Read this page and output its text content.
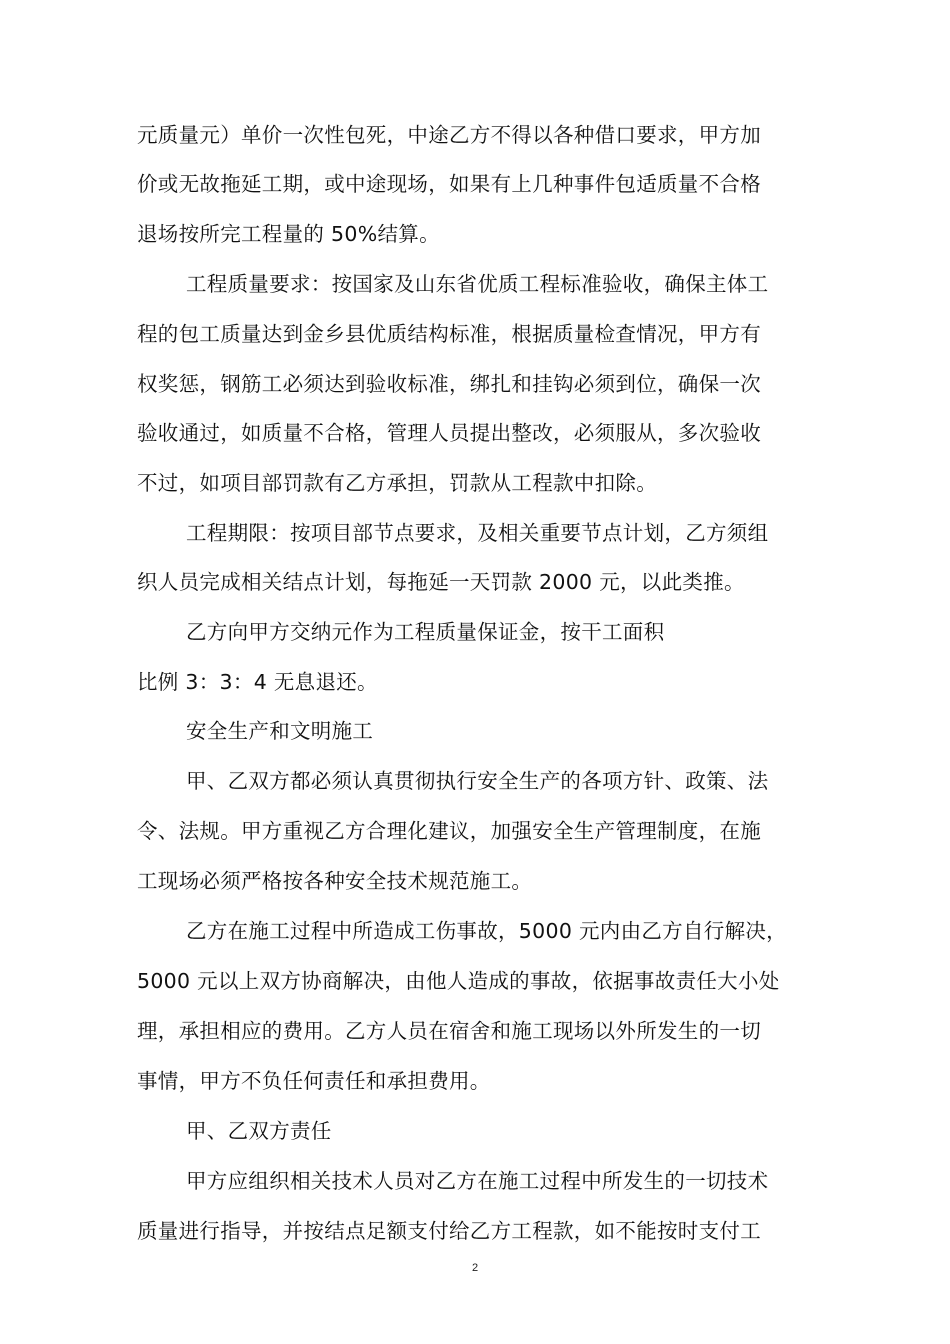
元质量元）单价一次性包死，中途乙方不得以各种借口要求，甲方加
价或无故拖延工期，或中途现场，如果有上几种事件包适质量不合格
退场按所完工程量的 50%结算。
工程质量要求：按国家及山东省优质工程标准验收，确保主体工
程的包工质量达到金乡县优质结构标准，根据质量检查情况，甲方有
权奖惩，钢筋工必须达到验收标准，绑扎和挂钩必须到位，确保一次
验收通过，如质量不合格，管理人员提出整改，必须服从，多次验收
不过，如项目部罚款有乙方承担，罚款从工程款中扣除。
工程期限：按项目部节点要求，及相关重要节点计划，乙方须组
织人员完成相关结点计划，每拖延一天罚款 2000 元，以此类推。
乙方向甲方交纳元作为工程质量保证金，按干工面积
比例 3：3：4 无息退还。
安全生产和文明施工
甲、乙双方都必须认真贯彻执行安全生产的各项方针、政策、法
令、法规。甲方重视乙方合理化建议，加强安全生产管理制度，在施
工现场必须严格按各种安全技术规范施工。
乙方在施工过程中所造成工伤事故，5000 元内由乙方自行解决，
5000 元以上双方协商解决，由他人造成的事故，依据事故责任大小处
理，承担相应的费用。乙方人员在宿舍和施工现场以外所发生的一切
事情，甲方不负任何责任和承担费用。
甲、乙双方责任
甲方应组织相关技术人员对乙方在施工过程中所发生的一切技术
质量进行指导，并按结点足额支付给乙方工程款，如不能按时支付工
2
